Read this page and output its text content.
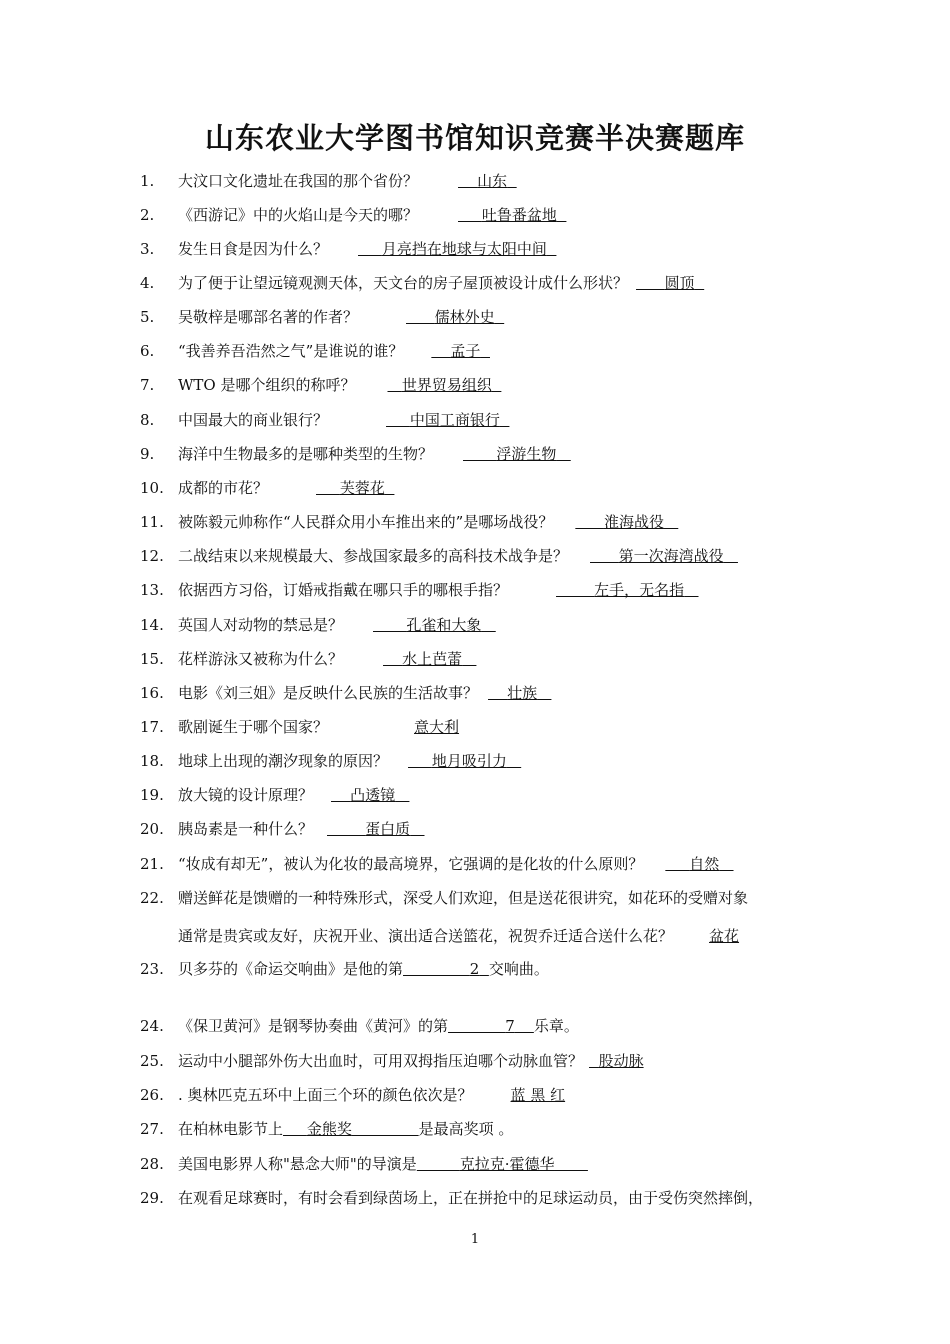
山东农业大学图书馆知识竞赛半决赛题库
1.	大汶口文化遗址在我国的那个省份？	山东
2.	《西游记》中的火焰山是今天的哪？	吐鲁番盆地
3.	发生日食是因为什么？	月亮挡在地球与太阳中间
4.	为了便于让望远镜观测天体，天文台的房子屋顶被设计成什么形状？ 圆顶
5.	吴敬梓是哪部名著的作者？	儒林外史
6.	“我善养吾浩然之气”是谁说的谁？	孟子
7.	WTO 是哪个组织的称呼？	世界贸易组织
8.	中国最大的商业银行？	中国工商银行
9.	海洋中生物最多的是哪种类型的生物？	浮游生物
10. 成都的市花？	芙蓉花
11. 被陈毅元帅称作“人民群众用小车推出来的”是哪场战役？	淮海战役
12. 二战结束以来规模最大、参战国家最多的高科技术战争是？	第一次海湾战役
13. 依据西方习俗，订婚戒指戴在哪只手的哪根手指？	左手，无名指
14. 英国人对动物的禁忌是？	孔雀和大象
15. 花样游泳又被称为什么？	水上芭蕾
16. 电影《刘三姐》是反映什么民族的生活故事？ 壮族
17. 歌剧诞生于哪个国家？	意大利
18. 地球上出现的潮汐现象的原因？	地月吸引力
19. 放大镜的设计原理？ 凸透镜
20. 胰岛素是一种什么？	蛋白质
21. “妆成有却无”，被认为化妆的最高境界，它强调的是化妆的什么原则？	自然
22. 赠送鲜花是馈赠的一种特殊形式，深受人们欢迎，但是送花很讲究，如花环的受赠对象
通常是贵宾或友好，庆祝开业、演出适合送篮花，祝贺乔迁适合送什么花？ 盆花
23. 贝多芬的《命运交响曲》是他的第	2 交响曲。
24. 《保卫黄河》是钢琴协奏曲《黄河》的第	7 乐章。
25. 运动中小腿部外伤大出血时，可用双拇指压迫哪个动脉血管？ 股动脉
26. . 奥林匹克五环中上面三个环的颜色依次是？	蓝 黑 红
27. 在柏林电影节上 金熊奖	是最高奖项 。
28. 美国电影界人称"悬念大师"的导演是	克拉克·霍德华
29. 在观看足球赛时，有时会看到绿茵场上，正在拼抢中的足球运动员，由于受伤突然摔倒，
1
